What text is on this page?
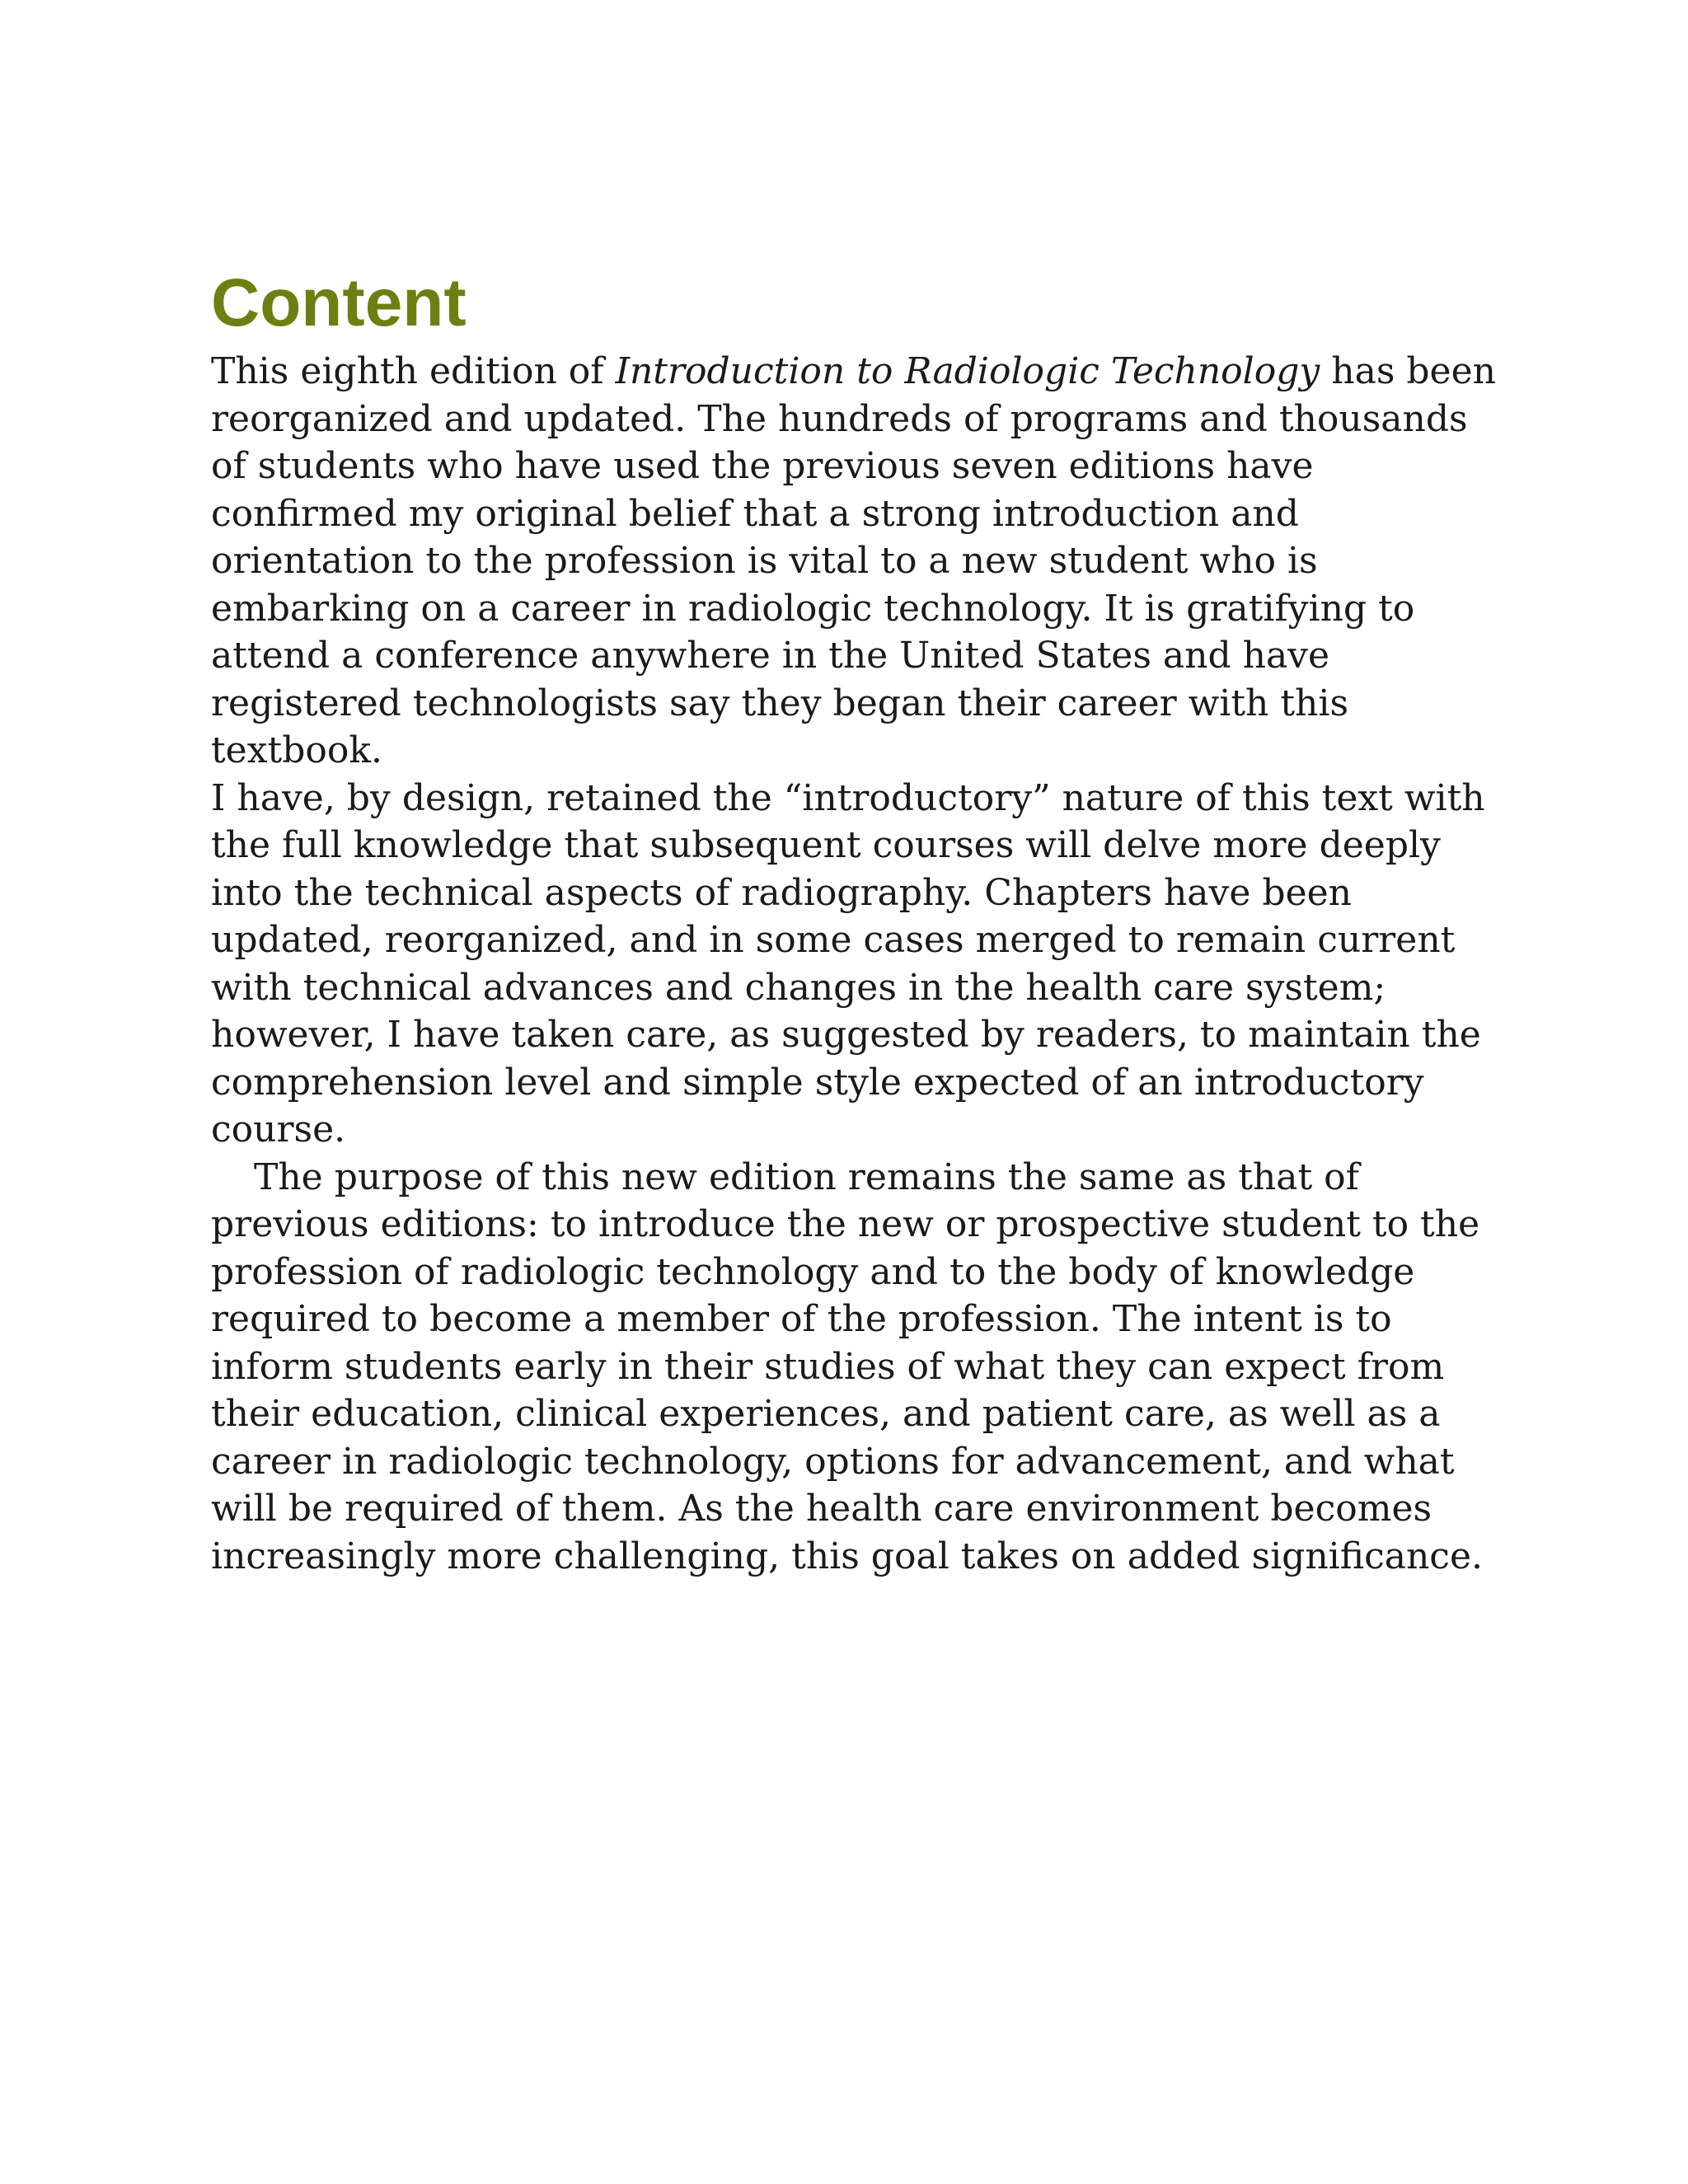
Content

This eighth edition of Introduction to Radiologic Technology has been
reorganized and updated. The hundreds of programs and thousands
of students who have used the previous seven editions have
confirmed my original belief that a strong introduction and
orientation to the profession is vital to a new student who is
embarking on a career in radiologic technology. It is gratifying to
attend a conference anywhere in the United States and have
registered technologists say they began their career with this
textbook.

I have, by design, retained the “introductory” nature of this text with
the full knowledge that subsequent courses will delve more deeply
into the technical aspects of radiography. Chapters have been
updated, reorganized, and in some cases merged to remain current
with technical advances and changes in the health care system;
however, I have taken care, as suggested by readers, to maintain the
comprehension level and simple style expected of an introductory
course.

The purpose of this new edition remains the same as that of
previous editions: to introduce the new or prospective student to the
profession of radiologic technology and to the body of knowledge
required to become a member of the profession. The intent is to
inform students early in their studies of what they can expect from
their education, clinical experiences, and patient care, as well as a
career in radiologic technology, options for advancement, and what
will be required of them. As the health care environment becomes
increasingly more challenging, this goal takes on added significance.
